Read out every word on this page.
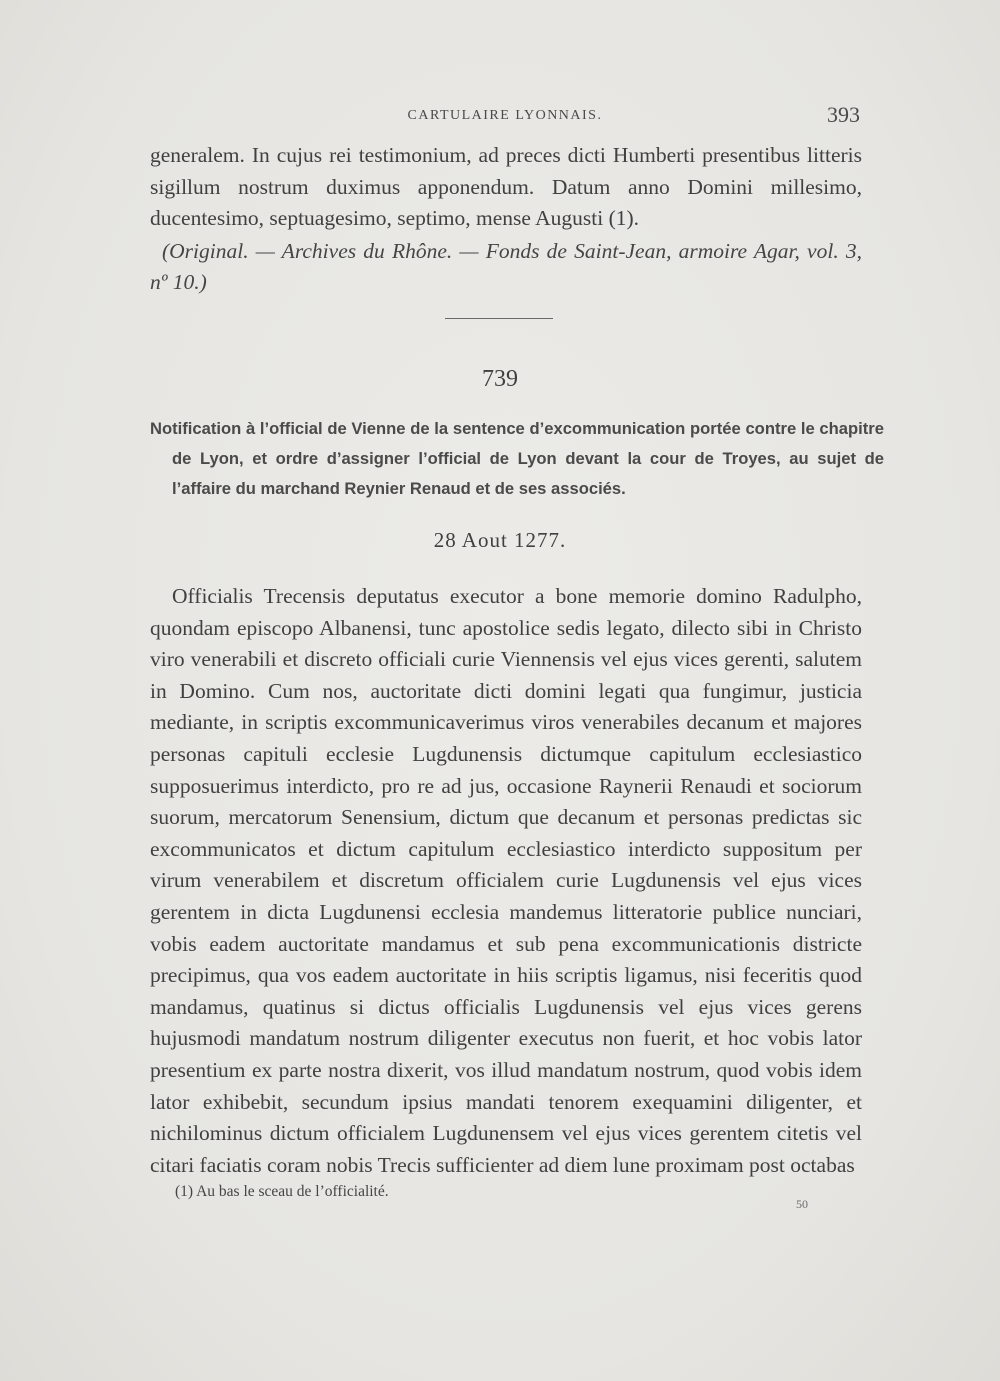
CARTULAIRE LYONNAIS.	393
generalem. In cujus rei testimonium, ad preces dicti Humberti presentibus litteris sigillum nostrum duximus apponendum. Datum anno Domini millesimo, ducentesimo, septuagesimo, septimo, mense Augusti (1).
(Original. — Archives du Rhône. — Fonds de Saint-Jean, armoire Agar, vol. 3, nº 10.)
739
Notification à l’official de Vienne de la sentence d’excommunication portée contre le chapitre de Lyon, et ordre d’assigner l’official de Lyon devant la cour de Troyes, au sujet de l’affaire du marchand Reynier Renaud et de ses associés.
28 Aout 1277.
Officialis Trecensis deputatus executor a bone memorie domino Radulpho, quondam episcopo Albanensi, tunc apostolice sedis legato, dilecto sibi in Christo viro venerabili et discreto officiali curie Viennensis vel ejus vices gerenti, salutem in Domino. Cum nos, auctoritate dicti domini legati qua fungimur, justicia mediante, in scriptis excommunicaverimus viros venerabiles decanum et majores personas capituli ecclesie Lugdunensis dictumque capitulum ecclesiastico supposuerimus interdicto, pro re ad jus, occasione Raynerii Renaudi et sociorum suorum, mercatorum Senensium, dictum que decanum et personas predictas sic excommunicatos et dictum capitulum ecclesiastico interdicto suppositum per virum venerabilem et discretum officialem curie Lugdunensis vel ejus vices gerentem in dicta Lugdunensi ecclesia mandemus litteratorie publice nunciari, vobis eadem auctoritate mandamus et sub pena excommunicationis districte precipimus, qua vos eadem auctoritate in hiis scriptis ligamus, nisi feceritis quod mandamus, quatinus si dictus officialis Lugdunensis vel ejus vices gerens hujusmodi mandatum nostrum diligenter executus non fuerit, et hoc vobis lator presentium ex parte nostra dixerit, vos illud mandatum nostrum, quod vobis idem lator exhibebit, secundum ipsius mandati tenorem exequamini diligenter, et nichilominus dictum officialem Lugdunensem vel ejus vices gerentem citetis vel citari faciatis coram nobis Trecis sufficienter ad diem lune proximam post octabas
(1) Au bas le sceau de l’officialité.
50
